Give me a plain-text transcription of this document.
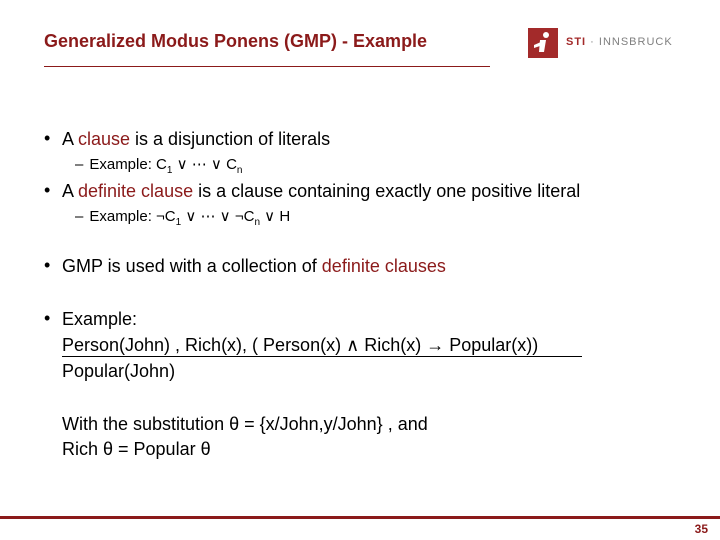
Generalized Modus Ponens (GMP) - Example	STI · INNSBRUCK
• A clause is a disjunction of literals
– Example: $C_1$ ∨ ⋯ ∨ $C_n$
• A definite clause is a clause containing exactly one positive literal
– Example: $\neg C_1$ ∨ ⋯ ∨ $\neg C_n$ ∨ H
• GMP is used with a collection of definite clauses
• Example:
Person(John) , Rich(x), ( Person(x) ∧ Rich(x) → Popular(x))
Popular(John)
With the substitution θ = {x/John,y/John} , and
Rich θ = Popular θ
35
